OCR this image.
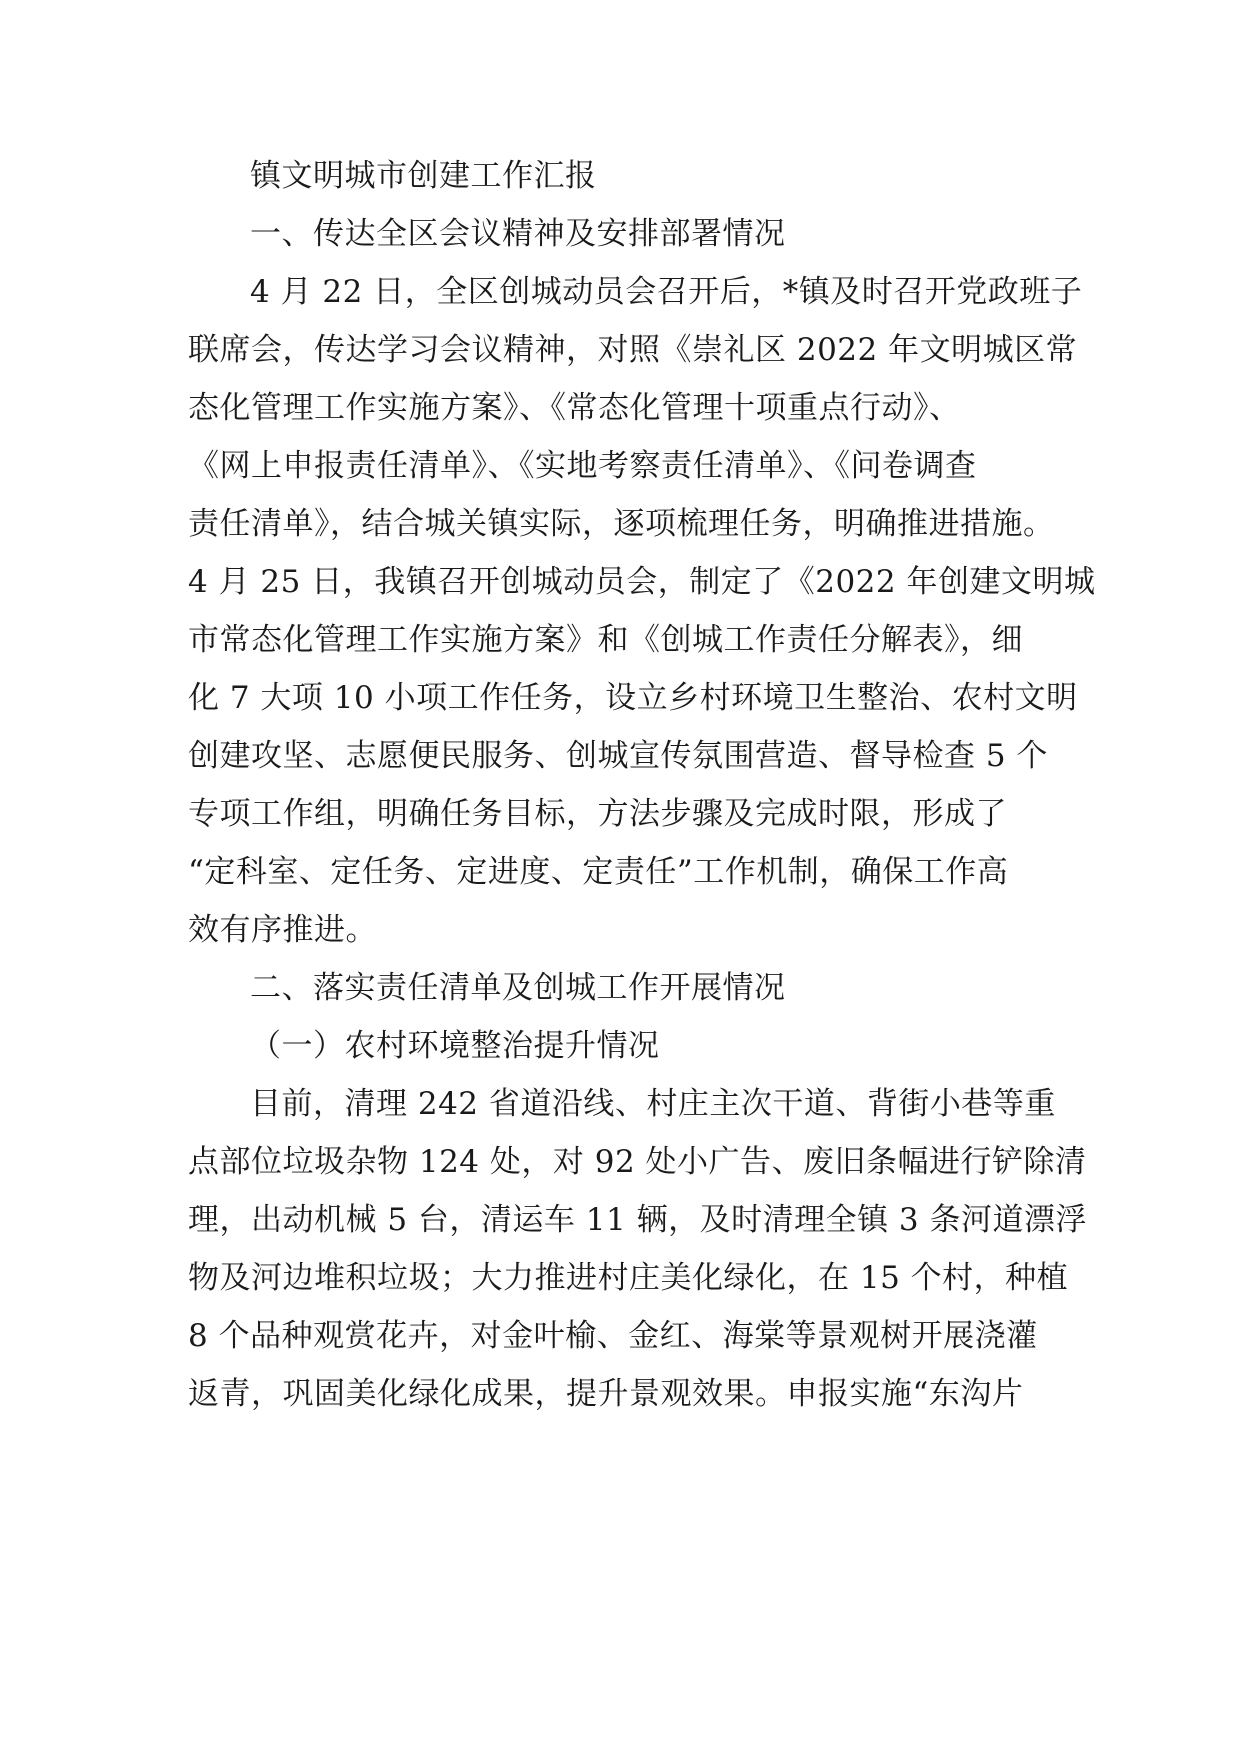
镇文明城市创建工作汇报
一、传达全区会议精神及安排部署情况
4 月 22 日，全区创城动员会召开后，*镇及时召开党政班子
联席会，传达学习会议精神，对照《崇礼区 2022 年文明城区常
态化管理工作实施方案》、《常态化管理十项重点行动》、
《网上申报责任清单》、《实地考察责任清单》、《问卷调查
责任清单》，结合城关镇实际，逐项梳理任务，明确推进措施。
4 月 25 日，我镇召开创城动员会，制定了《2022 年创建文明城
市常态化管理工作实施方案》和《创城工作责任分解表》，细
化 7 大项 10 小项工作任务，设立乡村环境卫生整治、农村文明
创建攻坚、志愿便民服务、创城宣传氛围营造、督导检查 5 个
专项工作组，明确任务目标，方法步骤及完成时限，形成了
“定科室、定任务、定进度、定责任”工作机制，确保工作高
效有序推进。
二、落实责任清单及创城工作开展情况
（一）农村环境整治提升情况
目前，清理 242 省道沿线、村庄主次干道、背街小巷等重
点部位垃圾杂物 124 处，对 92 处小广告、废旧条幅进行铲除清
理，出动机械 5 台，清运车 11 辆，及时清理全镇 3 条河道漂浮
物及河边堆积垃圾；大力推进村庄美化绿化，在 15 个村，种植
8 个品种观赏花卉，对金叶榆、金红、海棠等景观树开展浇灌
返青，巩固美化绿化成果，提升景观效果。申报实施“东沟片
